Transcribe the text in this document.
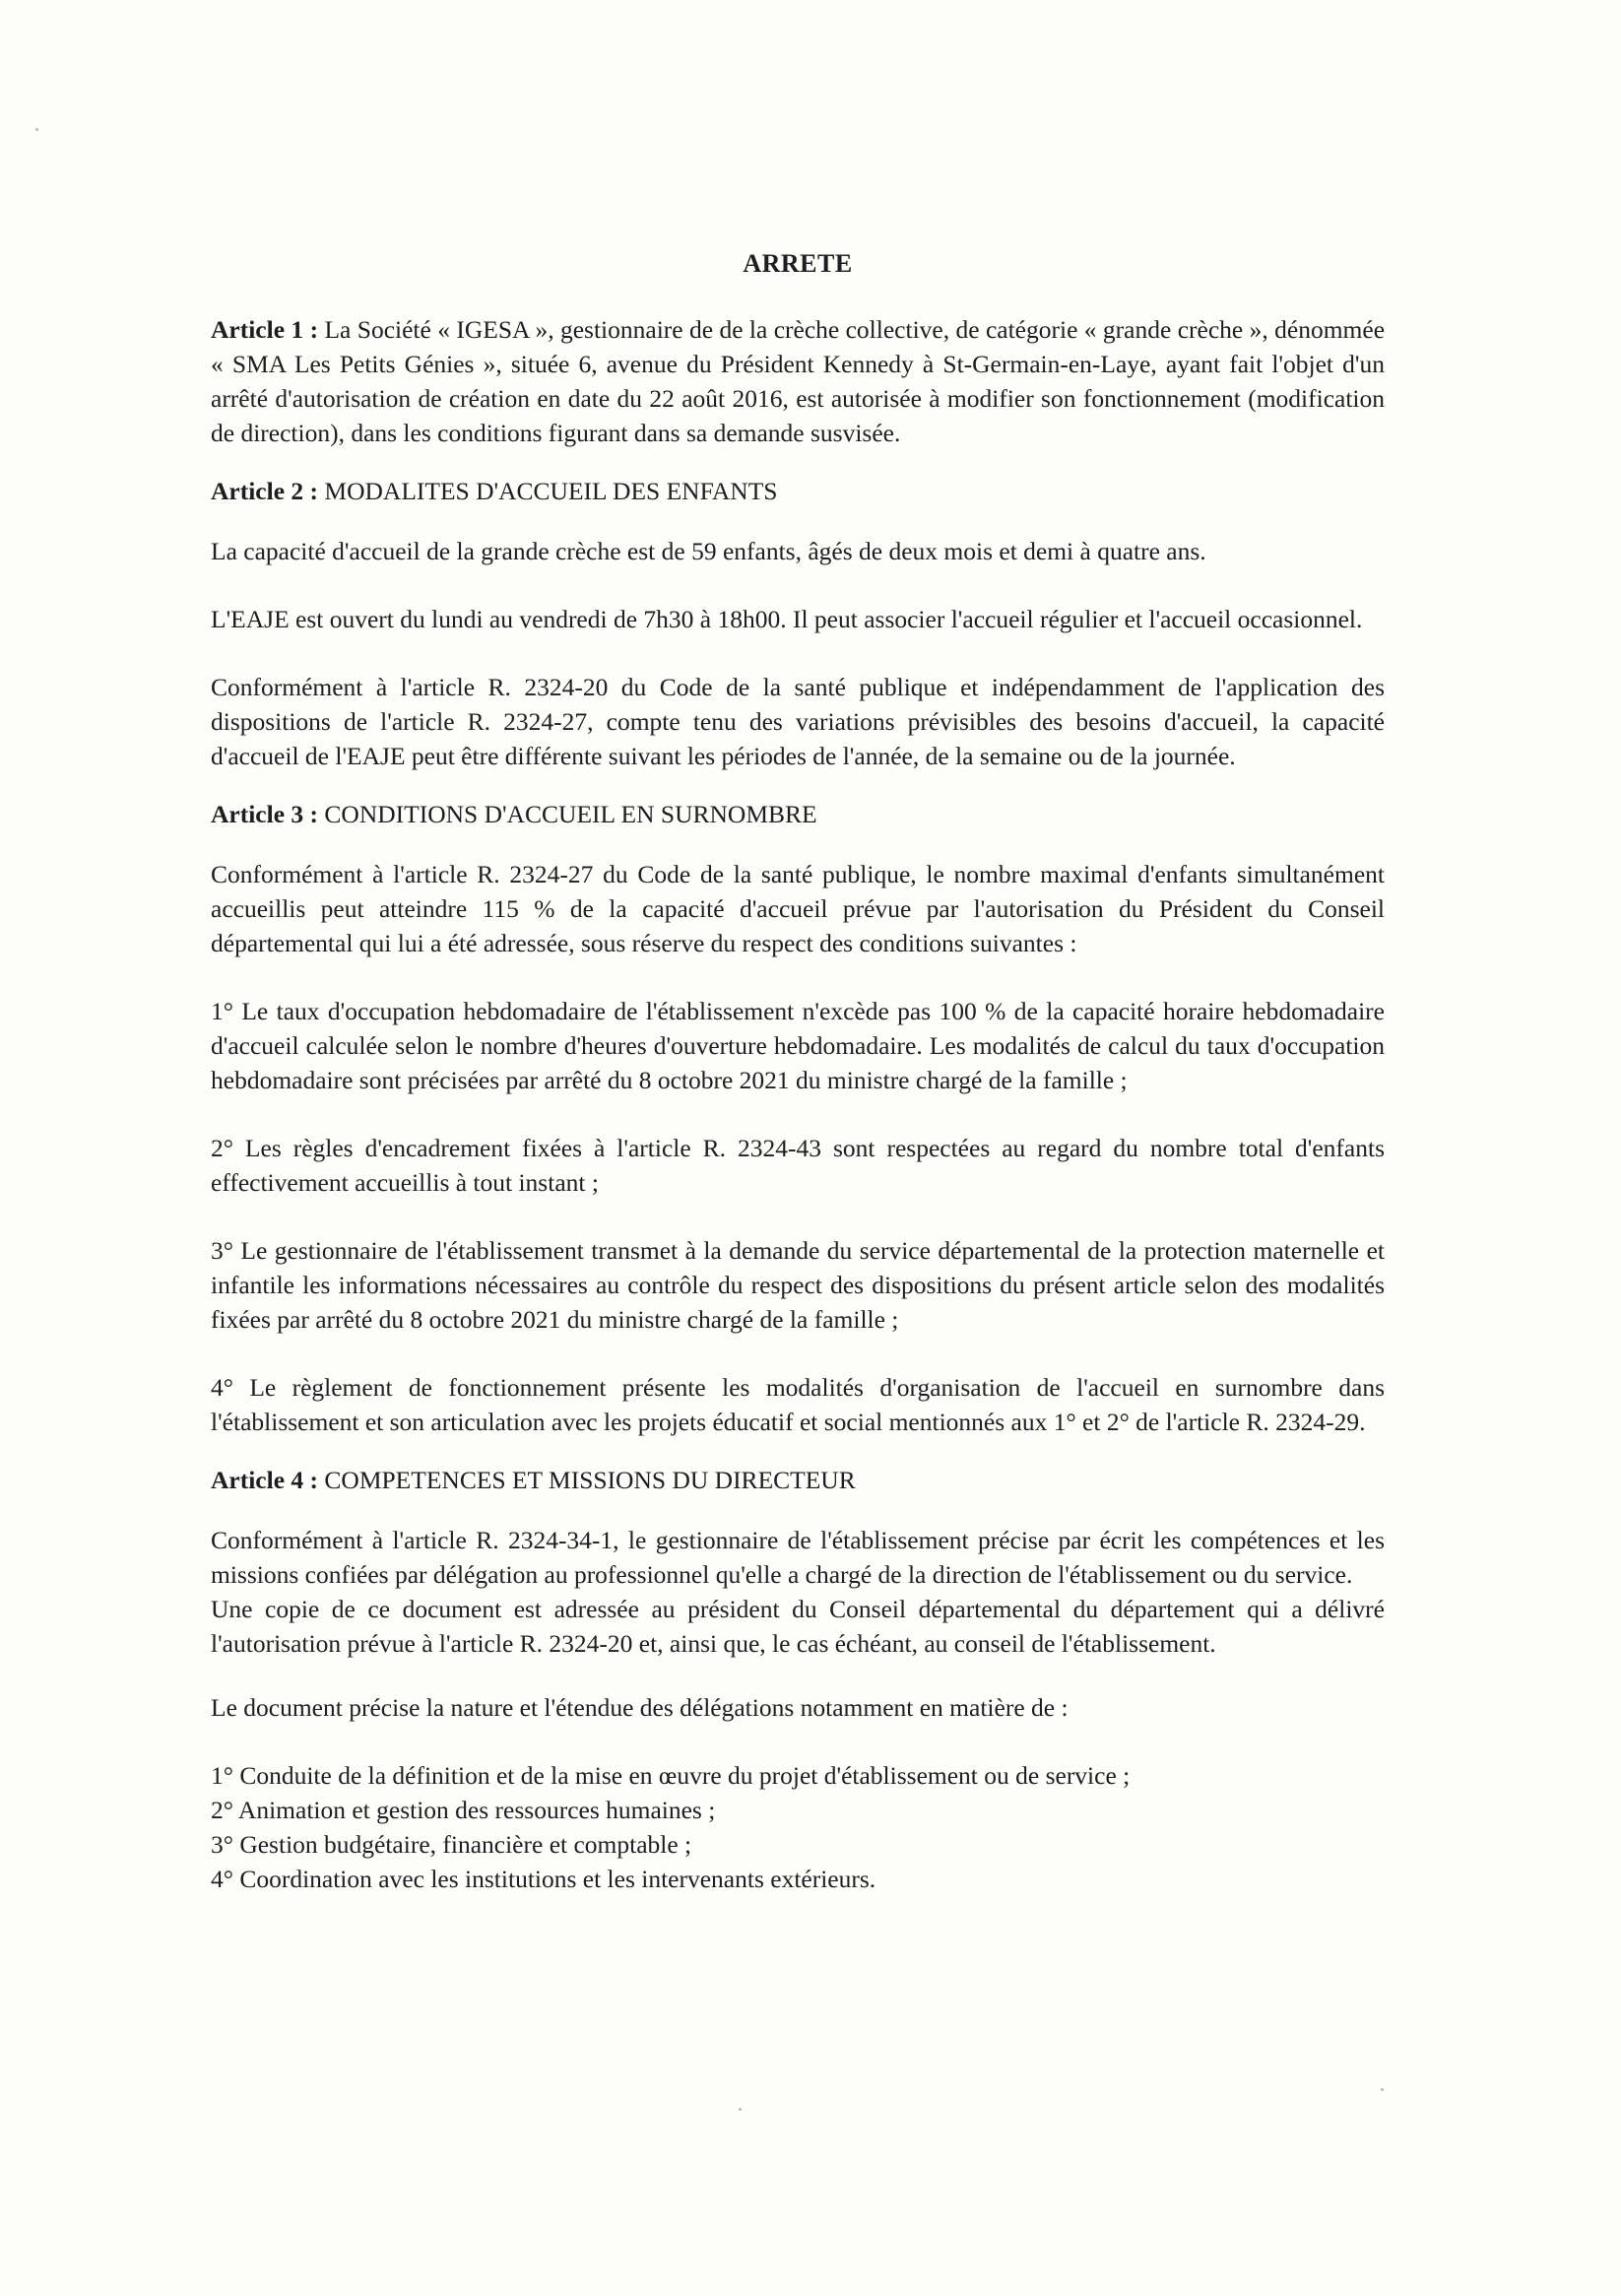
ARRETE

Article 1 : La Société « IGESA », gestionnaire de de la crèche collective, de catégorie « grande crèche », dénommée « SMA Les Petits Génies », située 6, avenue du Président Kennedy à St-Germain-en-Laye, ayant fait l'objet d'un arrêté d'autorisation de création en date du 22 août 2016, est autorisée à modifier son fonctionnement (modification de direction), dans les conditions figurant dans sa demande susvisée.

Article 2 : MODALITES D'ACCUEIL DES ENFANTS

La capacité d'accueil de la grande crèche est de 59 enfants, âgés de deux mois et demi à quatre ans.

L'EAJE est ouvert du lundi au vendredi de 7h30 à 18h00. Il peut associer l'accueil régulier et l'accueil occasionnel.

Conformément à l'article R. 2324-20 du Code de la santé publique et indépendamment de l'application des dispositions de l'article R. 2324-27, compte tenu des variations prévisibles des besoins d'accueil, la capacité d'accueil de l'EAJE peut être différente suivant les périodes de l'année, de la semaine ou de la journée.

Article 3 : CONDITIONS D'ACCUEIL EN SURNOMBRE

Conformément à l'article R. 2324-27 du Code de la santé publique, le nombre maximal d'enfants simultanément accueillis peut atteindre 115 % de la capacité d'accueil prévue par l'autorisation du Président du Conseil départemental qui lui a été adressée, sous réserve du respect des conditions suivantes :

1° Le taux d'occupation hebdomadaire de l'établissement n'excède pas 100 % de la capacité horaire hebdomadaire d'accueil calculée selon le nombre d'heures d'ouverture hebdomadaire. Les modalités de calcul du taux d'occupation hebdomadaire sont précisées par arrêté du 8 octobre 2021 du ministre chargé de la famille ;

2° Les règles d'encadrement fixées à l'article R. 2324-43 sont respectées au regard du nombre total d'enfants effectivement accueillis à tout instant ;

3° Le gestionnaire de l'établissement transmet à la demande du service départemental de la protection maternelle et infantile les informations nécessaires au contrôle du respect des dispositions du présent article selon des modalités fixées par arrêté du 8 octobre 2021 du ministre chargé de la famille ;

4° Le règlement de fonctionnement présente les modalités d'organisation de l'accueil en surnombre dans l'établissement et son articulation avec les projets éducatif et social mentionnés aux 1° et 2° de l'article R. 2324-29.

Article 4 : COMPETENCES ET MISSIONS DU DIRECTEUR

Conformément à l'article R. 2324-34-1, le gestionnaire de l'établissement précise par écrit les compétences et les missions confiées par délégation au professionnel qu'elle a chargé de la direction de l'établissement ou du service.

Une copie de ce document est adressée au président du Conseil départemental du département qui a délivré l'autorisation prévue à l'article R. 2324-20 et, ainsi que, le cas échéant, au conseil de l'établissement.

Le document précise la nature et l'étendue des délégations notamment en matière de :

1° Conduite de la définition et de la mise en œuvre du projet d'établissement ou de service ;

2° Animation et gestion des ressources humaines ;

3° Gestion budgétaire, financière et comptable ;

4° Coordination avec les institutions et les intervenants extérieurs.
